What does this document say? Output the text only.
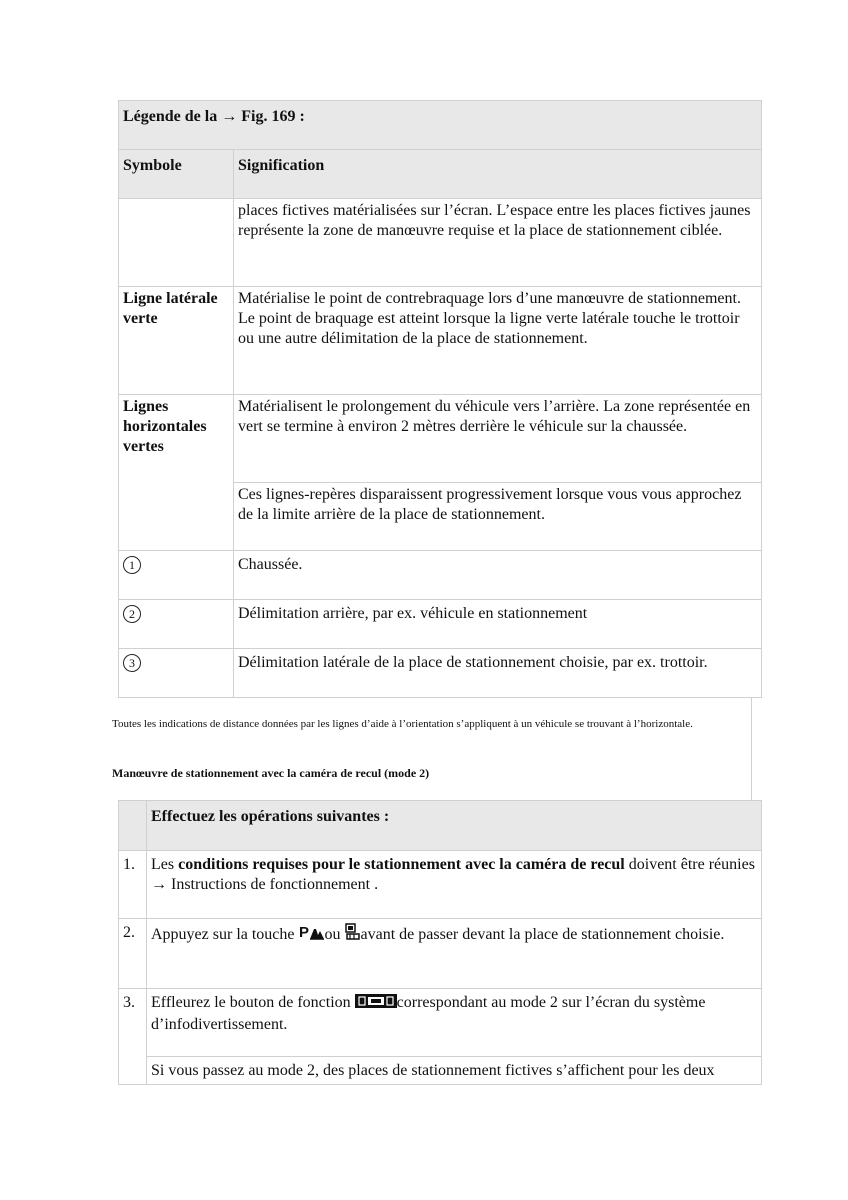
Légende de la → Fig. 169 :	
Symbole	Signification
	places fictives matérialisées sur l’écran. L’espace entre les places fictives jaunes représente la zone de manœuvre requise et la place de stationnement ciblée.
Ligne latérale verte	Matérialise le point de contrebraquage lors d’une manœuvre de stationnement. Le point de braquage est atteint lorsque la ligne verte latérale touche le trottoir ou une autre délimitation de la place de stationnement.
Lignes horizontales vertes	Matérialisent le prolongement du véhicule vers l’arrière. La zone représentée en vert se termine à environ 2 mètres derrière le véhicule sur la chaussée.
	Ces lignes-repères disparaissent progressivement lorsque vous vous approchez de la limite arrière de la place de stationnement.
1	Chaussée.
2	Délimitation arrière, par ex. véhicule en stationnement
3	Délimitation latérale de la place de stationnement choisie, par ex. trottoir.
Toutes les indications de distance données par les lignes d’aide à l’orientation s’appliquent à un véhicule se trouvant à l’horizontale.
Manœuvre de stationnement avec la caméra de recul (mode 2)
	Effectuez les opérations suivantes :
1.	Les conditions requises pour le stationnement avec la caméra de recul doivent être réunies → Instructions de fonctionnement .
2.	Appuyez sur la touche P ou avant de passer devant la place de stationnement choisie.
3.	Effleurez le bouton de fonction correspondant au mode 2 sur l’écran du système d’infodivertissement.
	Si vous passez au mode 2, des places de stationnement fictives s’affichent pour les deux
